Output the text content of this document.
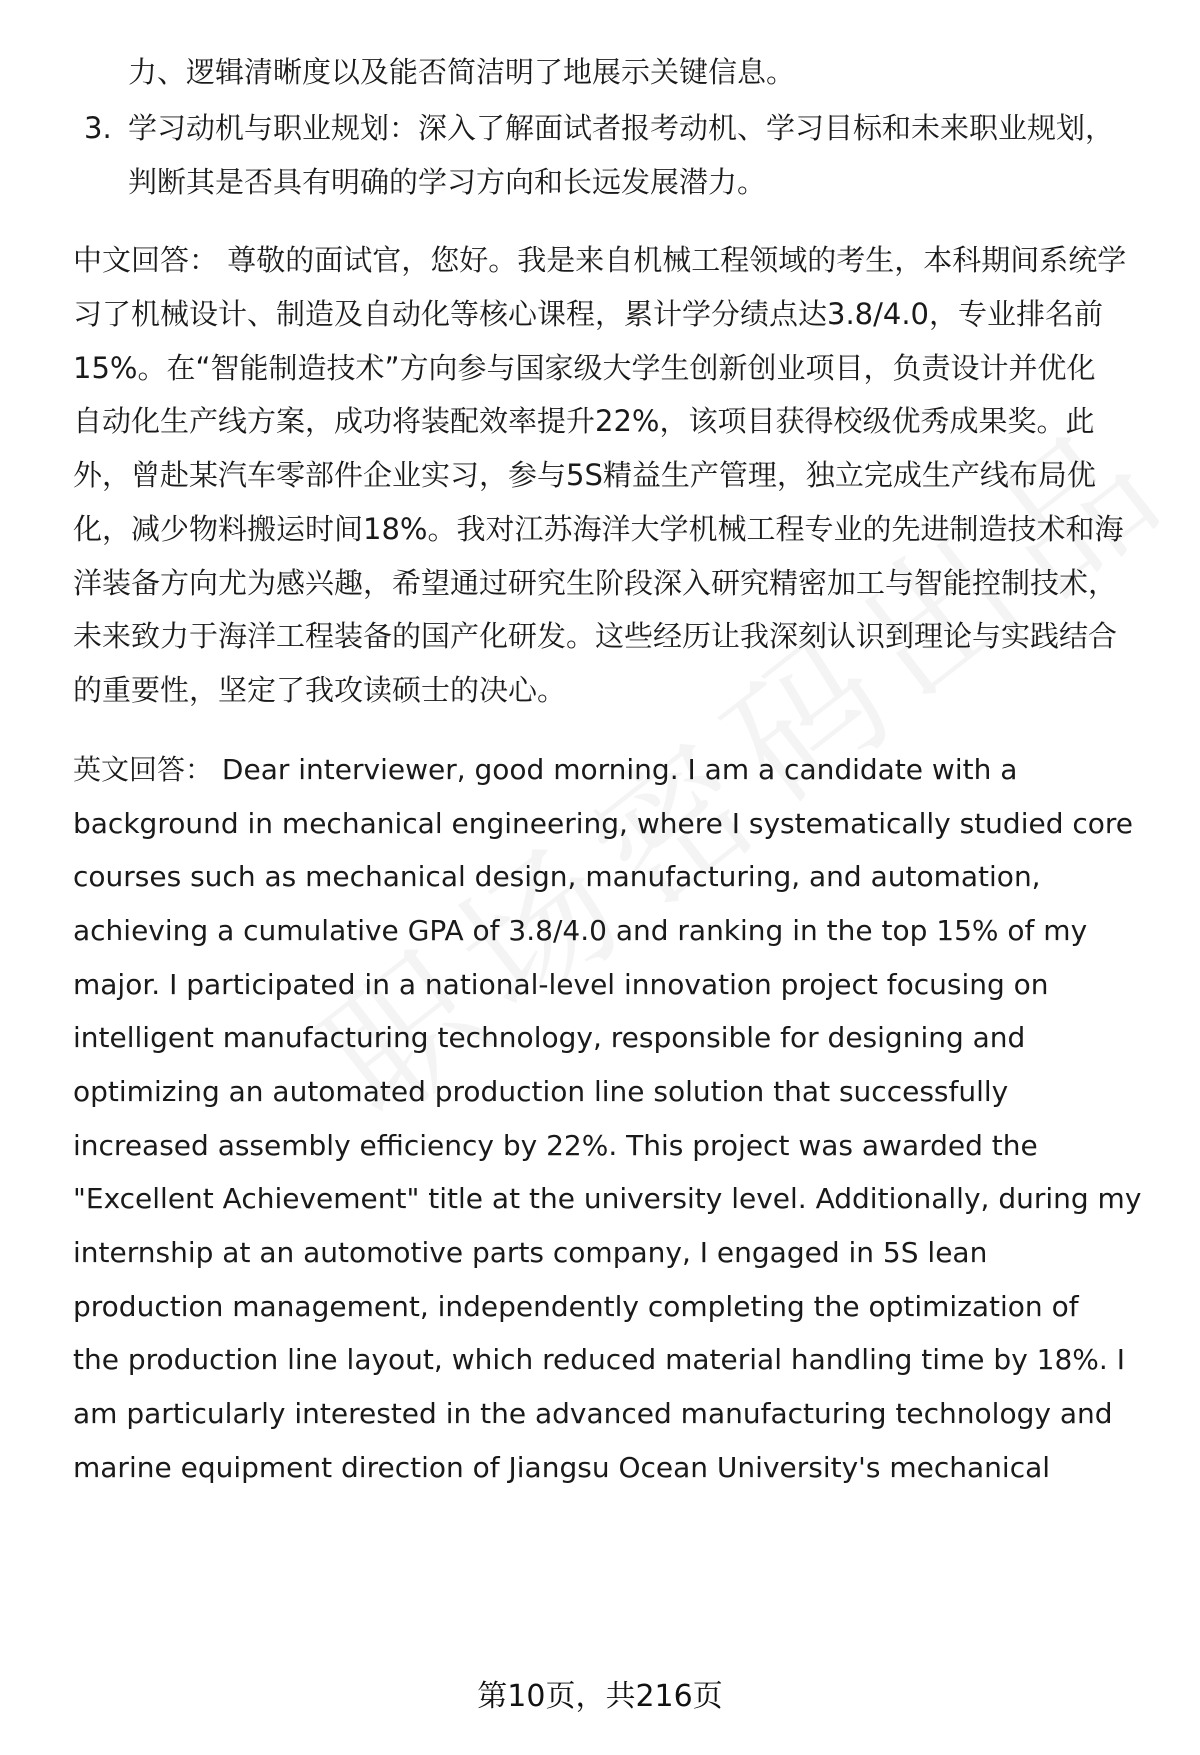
力、逻辑清晰度以及能否简洁明了地展示关键信息。
3. 学习动机与职业规划：深入了解面试者报考动机、学习目标和未来职业规划，
判断其是否具有明确的学习方向和长远发展潜力。
中文回答： 尊敬的面试官，您好。我是来自机械工程领域的考生，本科期间系统学
习了机械设计、制造及自动化等核心课程，累计学分绩点达3.8/4.0，专业排名前
15%。在“智能制造技术”方向参与国家级大学生创新创业项目，负责设计并优化
自动化生产线方案，成功将装配效率提升22%，该项目获得校级优秀成果奖。此
外，曾赴某汽车零部件企业实习，参与5S精益生产管理，独立完成生产线布局优
化，减少物料搬运时间18%。我对江苏海洋大学机械工程专业的先进制造技术和海
洋装备方向尤为感兴趣，希望通过研究生阶段深入研究精密加工与智能控制技术，
未来致力于海洋工程装备的国产化研发。这些经历让我深刻认识到理论与实践结合
的重要性，坚定了我攻读硕士的决心。
英文回答： Dear interviewer, good morning. I am a candidate with a
background in mechanical engineering, where I systematically studied core
courses such as mechanical design, manufacturing, and automation,
achieving a cumulative GPA of 3.8/4.0 and ranking in the top 15% of my
major. I participated in a national-level innovation project focusing on
intelligent manufacturing technology, responsible for designing and
optimizing an automated production line solution that successfully
increased assembly efficiency by 22%. This project was awarded the
"Excellent Achievement" title at the university level. Additionally, during my
internship at an automotive parts company, I engaged in 5S lean
production management, independently completing the optimization of
the production line layout, which reduced material handling time by 18%. I
am particularly interested in the advanced manufacturing technology and
marine equipment direction of Jiangsu Ocean University's mechanical
第10页，共216页
